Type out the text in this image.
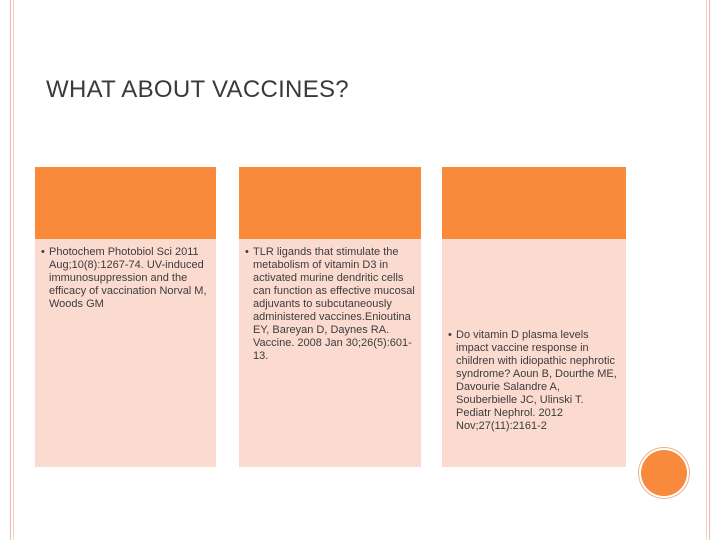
WHAT ABOUT VACCINES?
• Photochem Photobiol Sci 2011 Aug;10(8):1267-74. UV-induced immunosuppression and the efficacy of vaccination Norval M, Woods GM
• TLR ligands that stimulate the metabolism of vitamin D3 in activated murine dendritic cells can function as effective mucosal adjuvants to subcutaneously administered vaccines.Enioutina EY, Bareyan D, Daynes RA. Vaccine. 2008 Jan 30;26(5):601-13.
• Do vitamin D plasma levels impact vaccine response in children with idiopathic nephrotic syndrome? Aoun B, Dourthe ME, Davourie Salandre A, Souberbielle JC, Ulinski T. Pediatr Nephrol. 2012 Nov;27(11):2161-2
